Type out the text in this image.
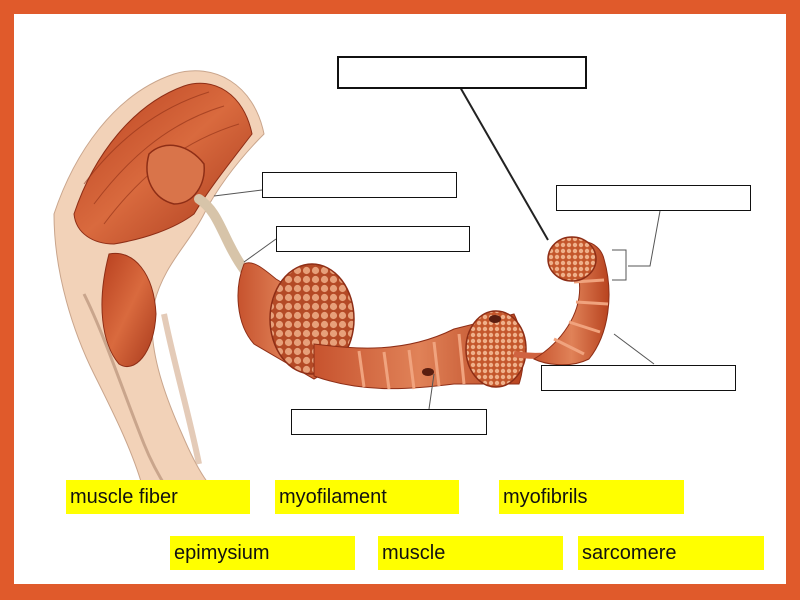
muscle fiber	myofilament	myofibrils
epimysium	muscle	sarcomere
